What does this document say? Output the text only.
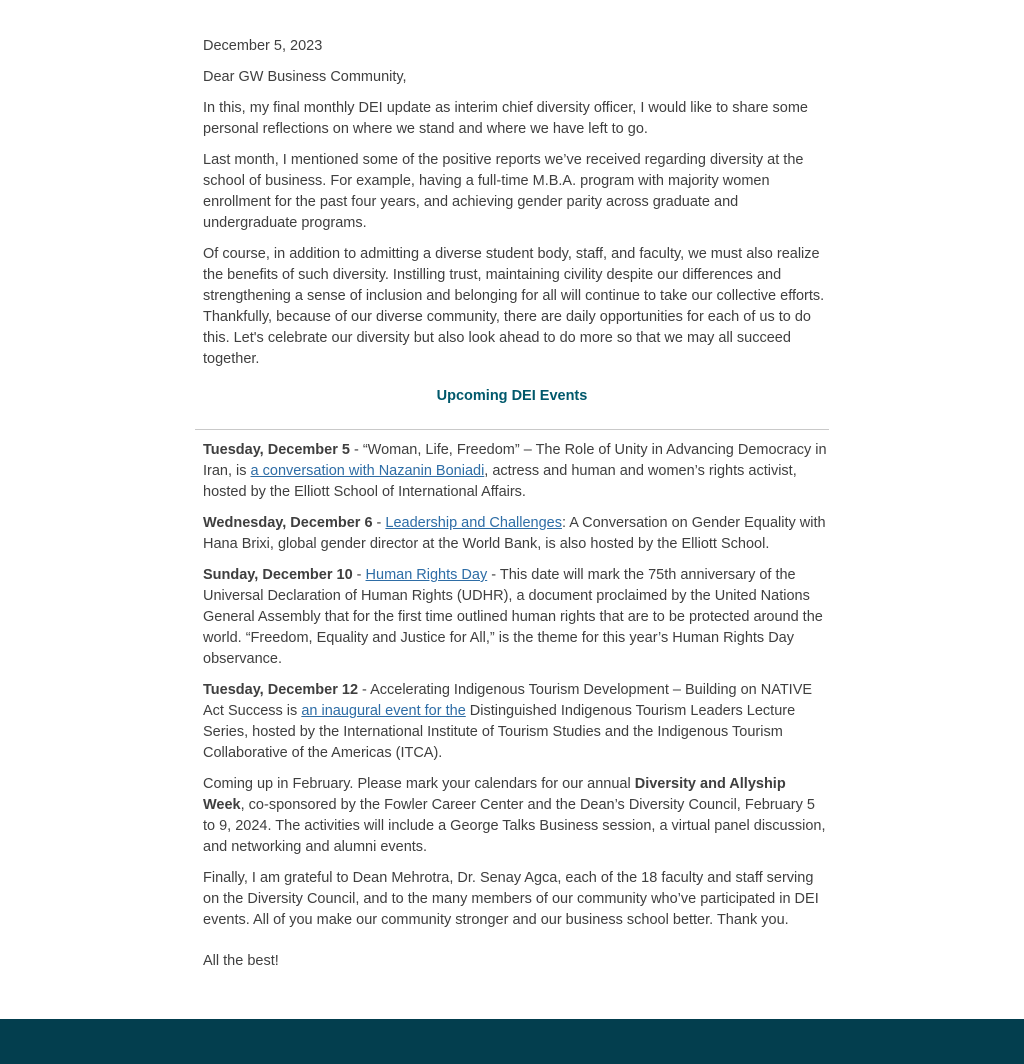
December 5, 2023

Dear GW Business Community,

In this, my final monthly DEI update as interim chief diversity officer, I would like to share some personal reflections on where we stand and where we have left to go.

Last month, I mentioned some of the positive reports we’ve received regarding diversity at the school of business. For example, having a full-time M.B.A. program with majority women enrollment for the past four years, and achieving gender parity across graduate and undergraduate programs.

Of course, in addition to admitting a diverse student body, staff, and faculty, we must also realize the benefits of such diversity. Instilling trust, maintaining civility despite our differences and strengthening a sense of inclusion and belonging for all will continue to take our collective efforts. Thankfully, because of our diverse community, there are daily opportunities for each of us to do this. Let's celebrate our diversity but also look ahead to do more so that we may all succeed together.

Upcoming DEI Events

Tuesday, December 5 - “Woman, Life, Freedom” – The Role of Unity in Advancing Democracy in Iran, is a conversation with Nazanin Boniadi, actress and human and women’s rights activist, hosted by the Elliott School of International Affairs.

Wednesday, December 6 - Leadership and Challenges: A Conversation on Gender Equality with Hana Brixi, global gender director at the World Bank, is also hosted by the Elliott School.

Sunday, December 10 - Human Rights Day - This date will mark the 75th anniversary of the Universal Declaration of Human Rights (UDHR), a document proclaimed by the United Nations General Assembly that for the first time outlined human rights that are to be protected around the world. “Freedom, Equality and Justice for All,” is the theme for this year’s Human Rights Day observance.

Tuesday, December 12 - Accelerating Indigenous Tourism Development – Building on NATIVE Act Success is an inaugural event for the Distinguished Indigenous Tourism Leaders Lecture Series, hosted by the International Institute of Tourism Studies and the Indigenous Tourism Collaborative of the Americas (ITCA).

Coming up in February. Please mark your calendars for our annual Diversity and Allyship Week, co-sponsored by the Fowler Career Center and the Dean’s Diversity Council, February 5 to 9, 2024. The activities will include a George Talks Business session, a virtual panel discussion, and networking and alumni events.

Finally, I am grateful to Dean Mehrotra, Dr. Senay Agca, each of the 18 faculty and staff serving on the Diversity Council, and to the many members of our community who’ve participated in DEI events. All of you make our community stronger and our business school better. Thank you.

All the best!
